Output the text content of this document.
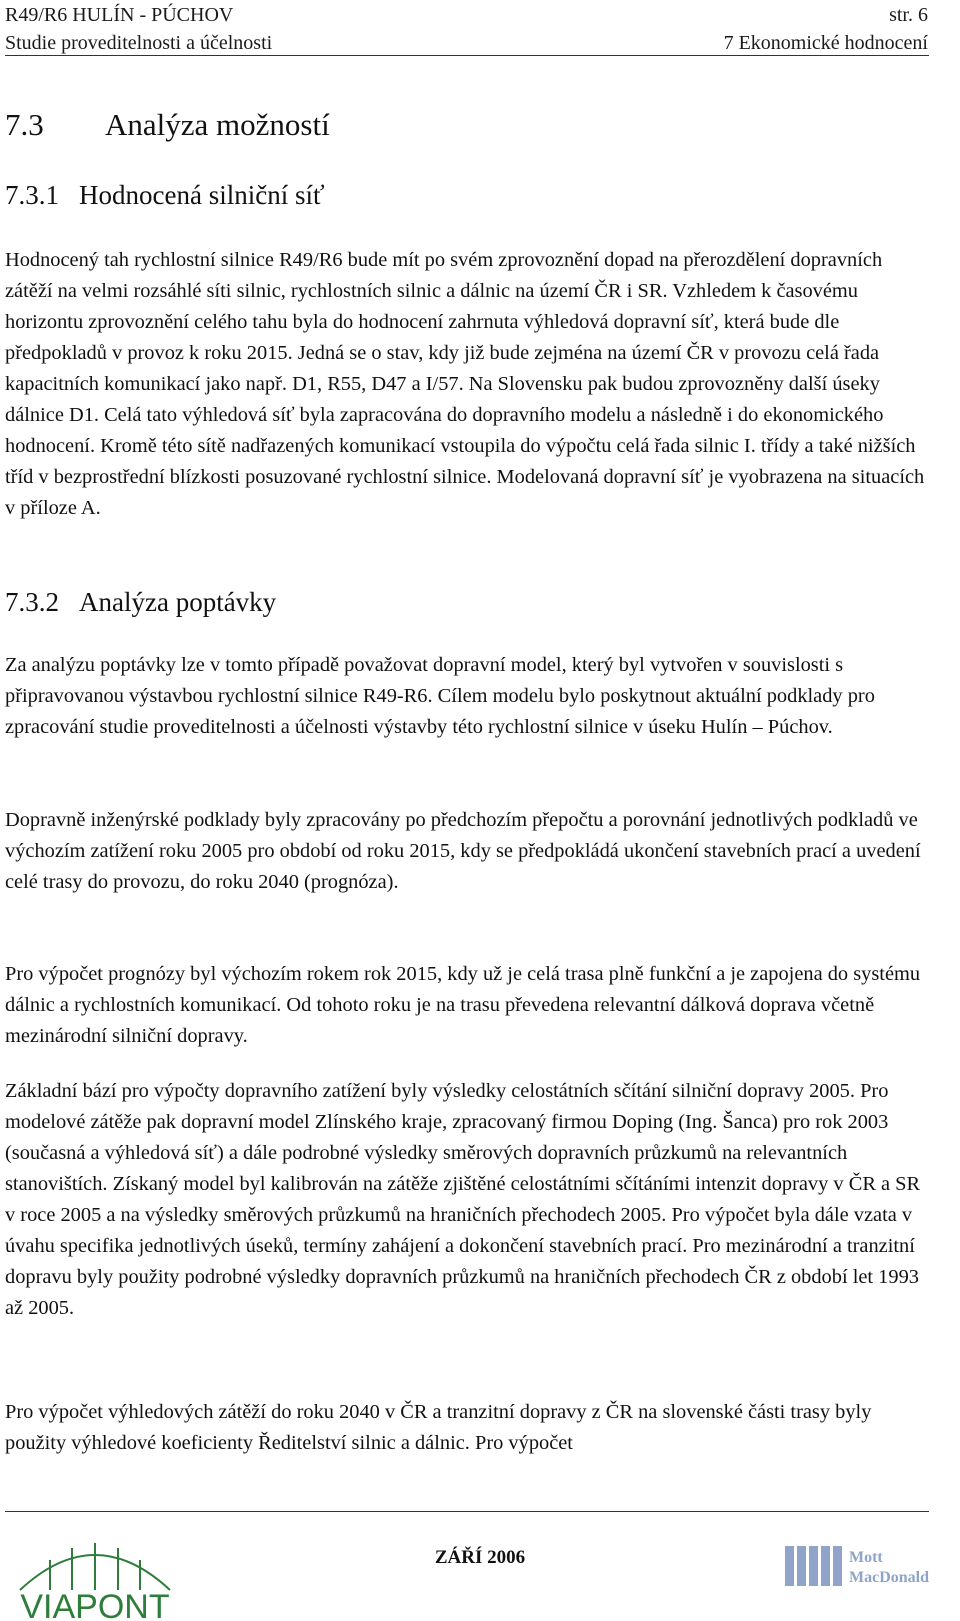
R49/R6 HULÍN - PÚCHOV	str. 6
Studie proveditelnosti a účelnosti	7 Ekonomické hodnocení
7.3 Analýza možností
7.3.1 Hodnocená silniční síť

Hodnocený tah rychlostní silnice R49/R6 bude mít po svém zprovoznění dopad na přerozdělení dopravních zátěží na velmi rozsáhlé síti silnic, rychlostních silnic a dálnic na území ČR i SR. Vzhledem k časovému horizontu zprovoznění celého tahu byla do hodnocení zahrnuta výhledová dopravní síť, která bude dle předpokladů v provoz k roku 2015. Jedná se o stav, kdy již bude zejména na území ČR v provozu celá řada kapacitních komunikací jako např. D1, R55, D47 a I/57. Na Slovensku pak budou zprovozněny další úseky dálnice D1. Celá tato výhledová síť byla zapracována do dopravního modelu a následně i do ekonomického hodnocení. Kromě této sítě nadřazených komunikací vstoupila do výpočtu celá řada silnic I. třídy a také nižších tříd v bezprostřední blízkosti posuzované rychlostní silnice. Modelovaná dopravní síť je vyobrazena na situacích v příloze A.

7.3.2 Analýza poptávky

Za analýzu poptávky lze v tomto případě považovat dopravní model, který byl vytvořen v souvislosti s připravovanou výstavbou rychlostní silnice R49-R6. Cílem modelu bylo poskytnout aktuální podklady pro zpracování studie proveditelnosti a účelnosti výstavby této rychlostní silnice v úseku Hulín – Púchov.

Dopravně inženýrské podklady byly zpracovány po předchozím přepočtu a porovnání jednotlivých podkladů ve výchozím zatížení roku 2005 pro období od roku 2015, kdy se předpokládá ukončení stavebních prací a uvedení celé trasy do provozu, do roku 2040 (prognóza).

Pro výpočet prognózy byl výchozím rokem rok 2015, kdy už je celá trasa plně funkční a je zapojena do systému dálnic a rychlostních komunikací. Od tohoto roku je na trasu převedena relevantní dálková doprava včetně mezinárodní silniční dopravy.

Základní bází pro výpočty dopravního zatížení byly výsledky celostátních sčítání silniční dopravy 2005. Pro modelové zátěže pak dopravní model Zlínského kraje, zpracovaný firmou Doping (Ing. Šanca) pro rok 2003 (současná a výhledová síť) a dále podrobné výsledky směrových dopravních průzkumů na relevantních stanovištích. Získaný model byl kalibrován na zátěže zjištěné celostátními sčítáními intenzit dopravy v ČR a SR v roce 2005 a na výsledky směrových průzkumů na hraničních přechodech 2005. Pro výpočet byla dále vzata v úvahu specifika jednotlivých úseků, termíny zahájení a dokončení stavebních prací. Pro mezinárodní a tranzitní dopravu byly použity podrobné výsledky dopravních průzkumů na hraničních přechodech ČR z období let 1993 až 2005.

Pro výpočet výhledových zátěží do roku 2040 v ČR a tranzitní dopravy z ČR na slovenské části trasy byly použity výhledové koeficienty Ředitelství silnic a dálnic. Pro výpočet

VIAPONT
ZÁŘÍ 2006	Mott
MacDonald
